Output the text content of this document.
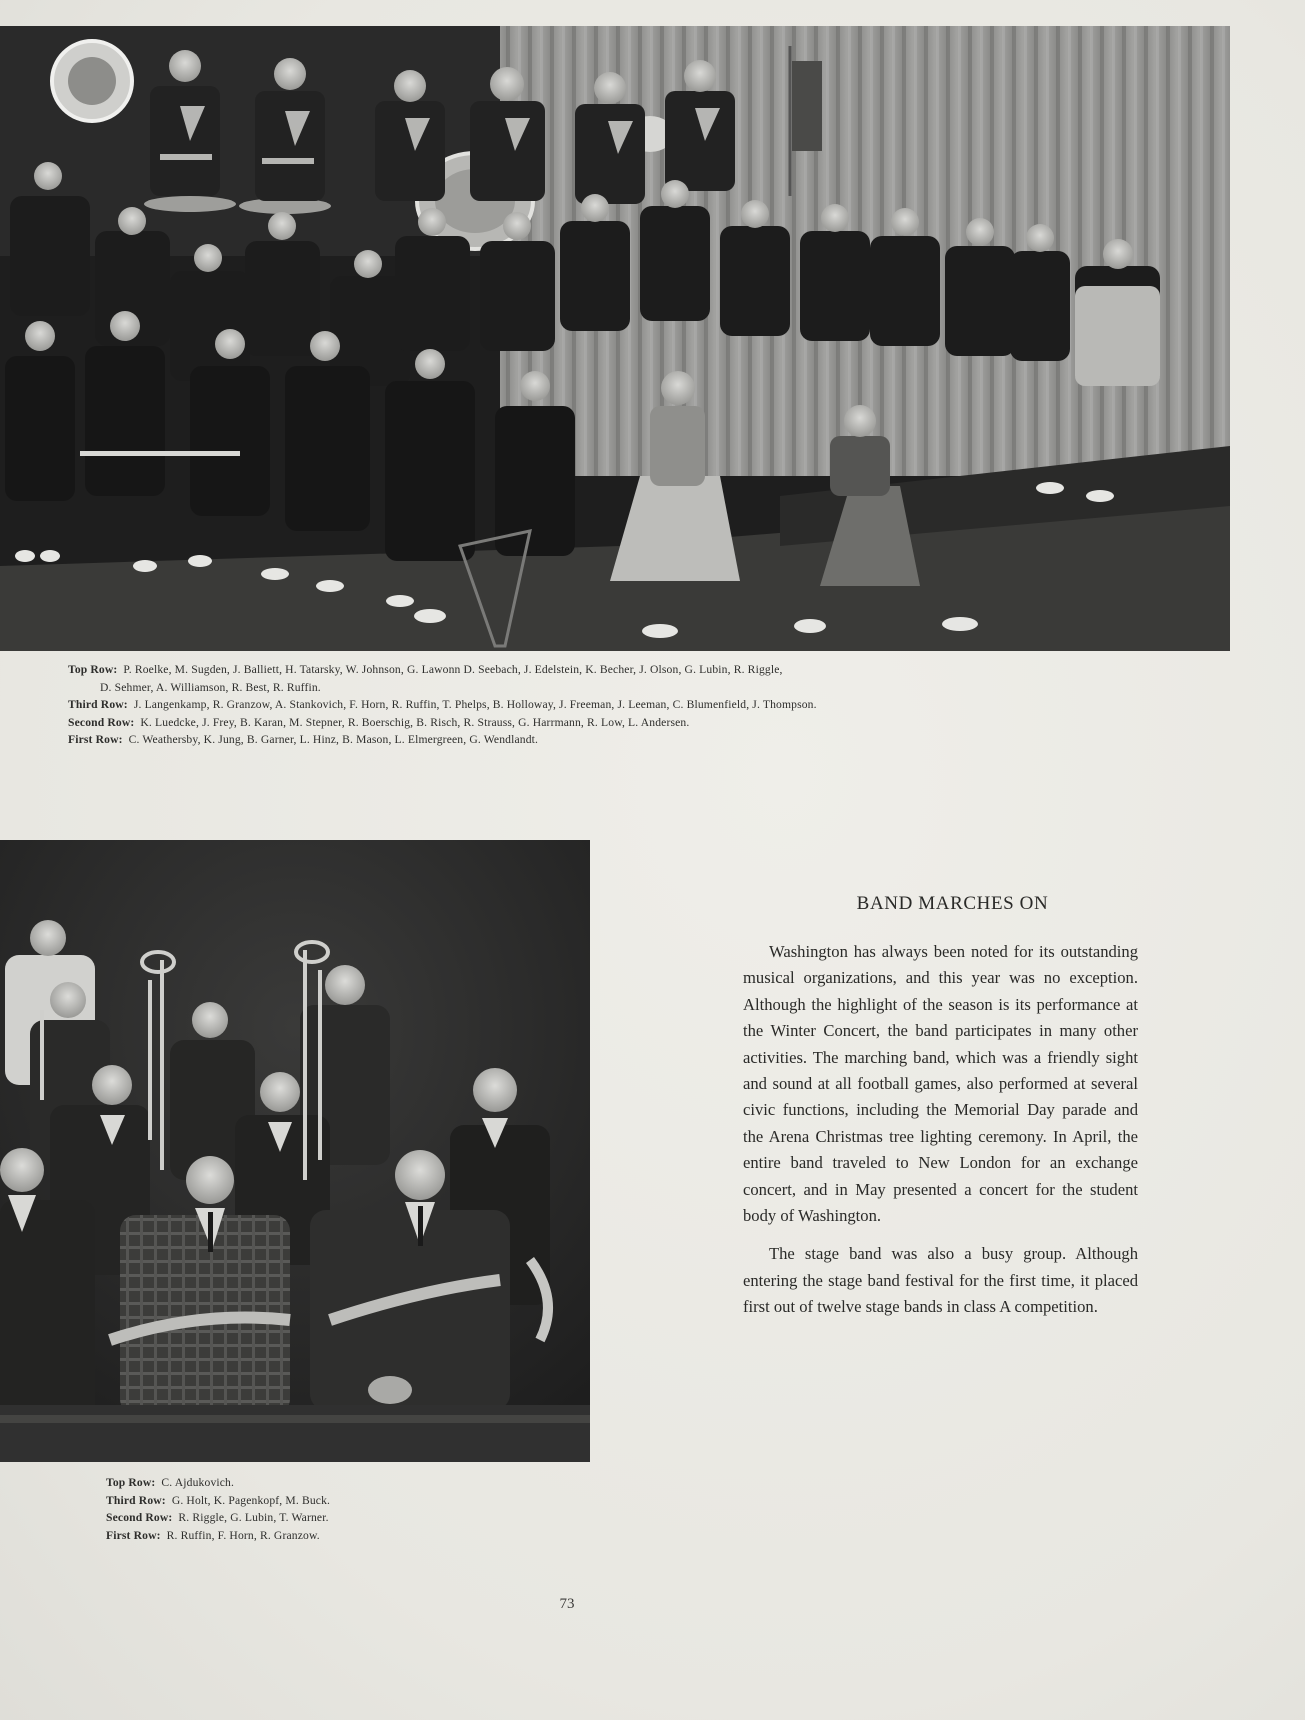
Top Row: P. Roelke, M. Sugden, J. Balliett, H. Tatarsky, W. Johnson, G. Lawonn D. Seebach, J. Edelstein, K. Becher, J. Olson, G. Lubin, R. Riggle,
D. Sehmer, A. Williamson, R. Best, R. Ruffin.
Third Row: J. Langenkamp, R. Granzow, A. Stankovich, F. Horn, R. Ruffin, T. Phelps, B. Holloway, J. Freeman, J. Leeman, C. Blumenfield, J. Thompson.
Second Row: K. Luedcke, J. Frey, B. Karan, M. Stepner, R. Boerschig, B. Risch, R. Strauss, G. Harrmann, R. Low, L. Andersen.
First Row: C. Weathersby, K. Jung, B. Garner, L. Hinz, B. Mason, L. Elmergreen, G. Wendlandt.
Top Row: C. Ajdukovich.
Third Row: G. Holt, K. Pagenkopf, M. Buck.
Second Row: R. Riggle, G. Lubin, T. Warner.
First Row: R. Ruffin, F. Horn, R. Granzow.
BAND MARCHES ON

Washington has always been noted for its outstanding musical organizations, and this year was no exception. Although the highlight of the season is its performance at the Winter Concert, the band participates in many other activities. The marching band, which was a friendly sight and sound at all football games, also performed at several civic functions, including the Memorial Day parade and the Arena Christmas tree lighting ceremony. In April, the entire band traveled to New London for an exchange concert, and in May presented a concert for the student body of Washington.

The stage band was also a busy group. Although entering the stage band festival for the first time, it placed first out of twelve stage bands in class A competition.

73
